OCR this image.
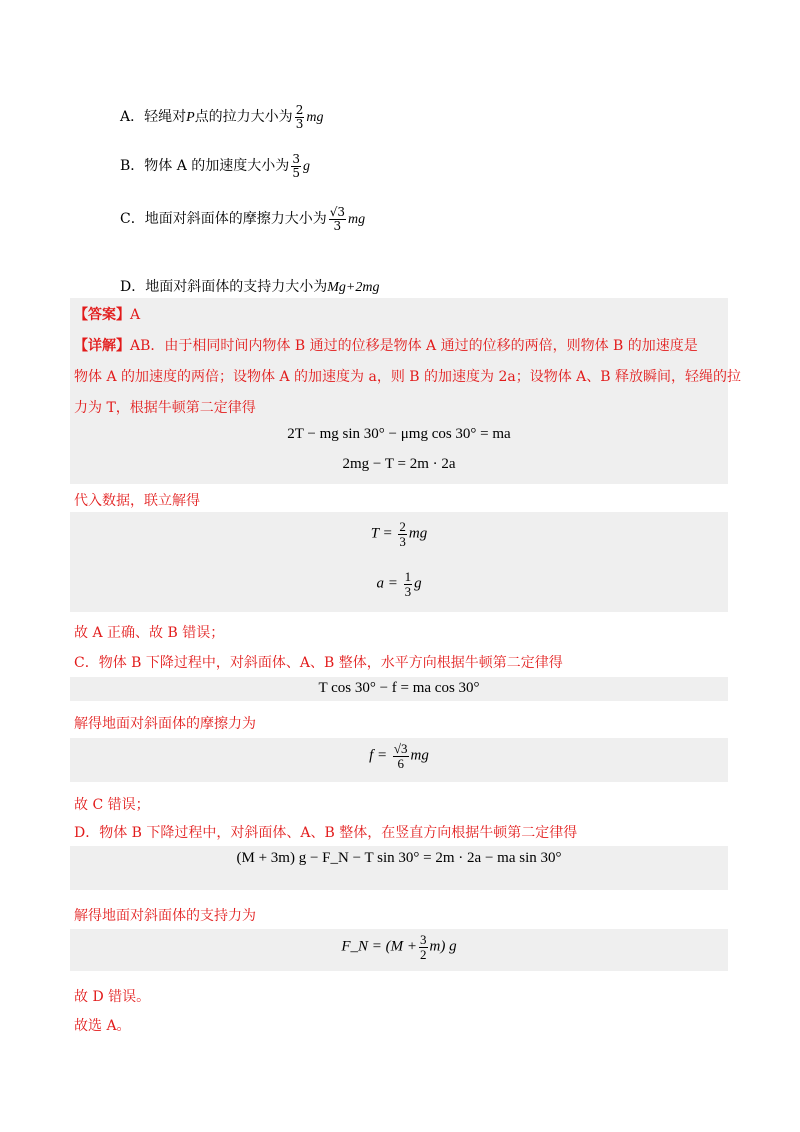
A．轻绳对P点的拉力大小为 $\frac{2}{3}$ mg
B．物体 A 的加速度大小为 $\frac{3}{5}$ g
C．地面对斜面体的摩擦力大小为 $\frac{√3}{3}$ mg
D．地面对斜面体的支持力大小为Mg+2mg
【答案】A
【详解】AB．由于相同时间内物体 B 通过的位移是物体 A 通过的位移的两倍，则物体 B 的加速度是
物体 A 的加速度的两倍；设物体 A 的加速度为 a，则 B 的加速度为 2a；设物体 A、B 释放瞬间，轻绳的拉
力为 T，根据牛顿第二定律得
2T − mg sin 30° − μmg cos 30° = ma
2mg − T = 2m · 2a
代入数据，联立解得
$T = \frac{2}{3}$ mg
$a = \frac{1}{3}$ g
故 A 正确、故 B 错误；
C．物体 B 下降过程中，对斜面体、A、B 整体，水平方向根据牛顿第二定律得
T cos 30° − f = ma cos 30°
解得地面对斜面体的摩擦力为
$f = \frac{√3}{6}$ mg
故 C 错误；
D．物体 B 下降过程中，对斜面体、A、B 整体，在竖直方向根据牛顿第二定律得
(M + 3m) g − F_N − T sin 30° = 2m · 2a − ma sin 30°
解得地面对斜面体的支持力为
F_N = $(M + \frac{3}{2} m)$ g
故 D 错误。
故选 A。
